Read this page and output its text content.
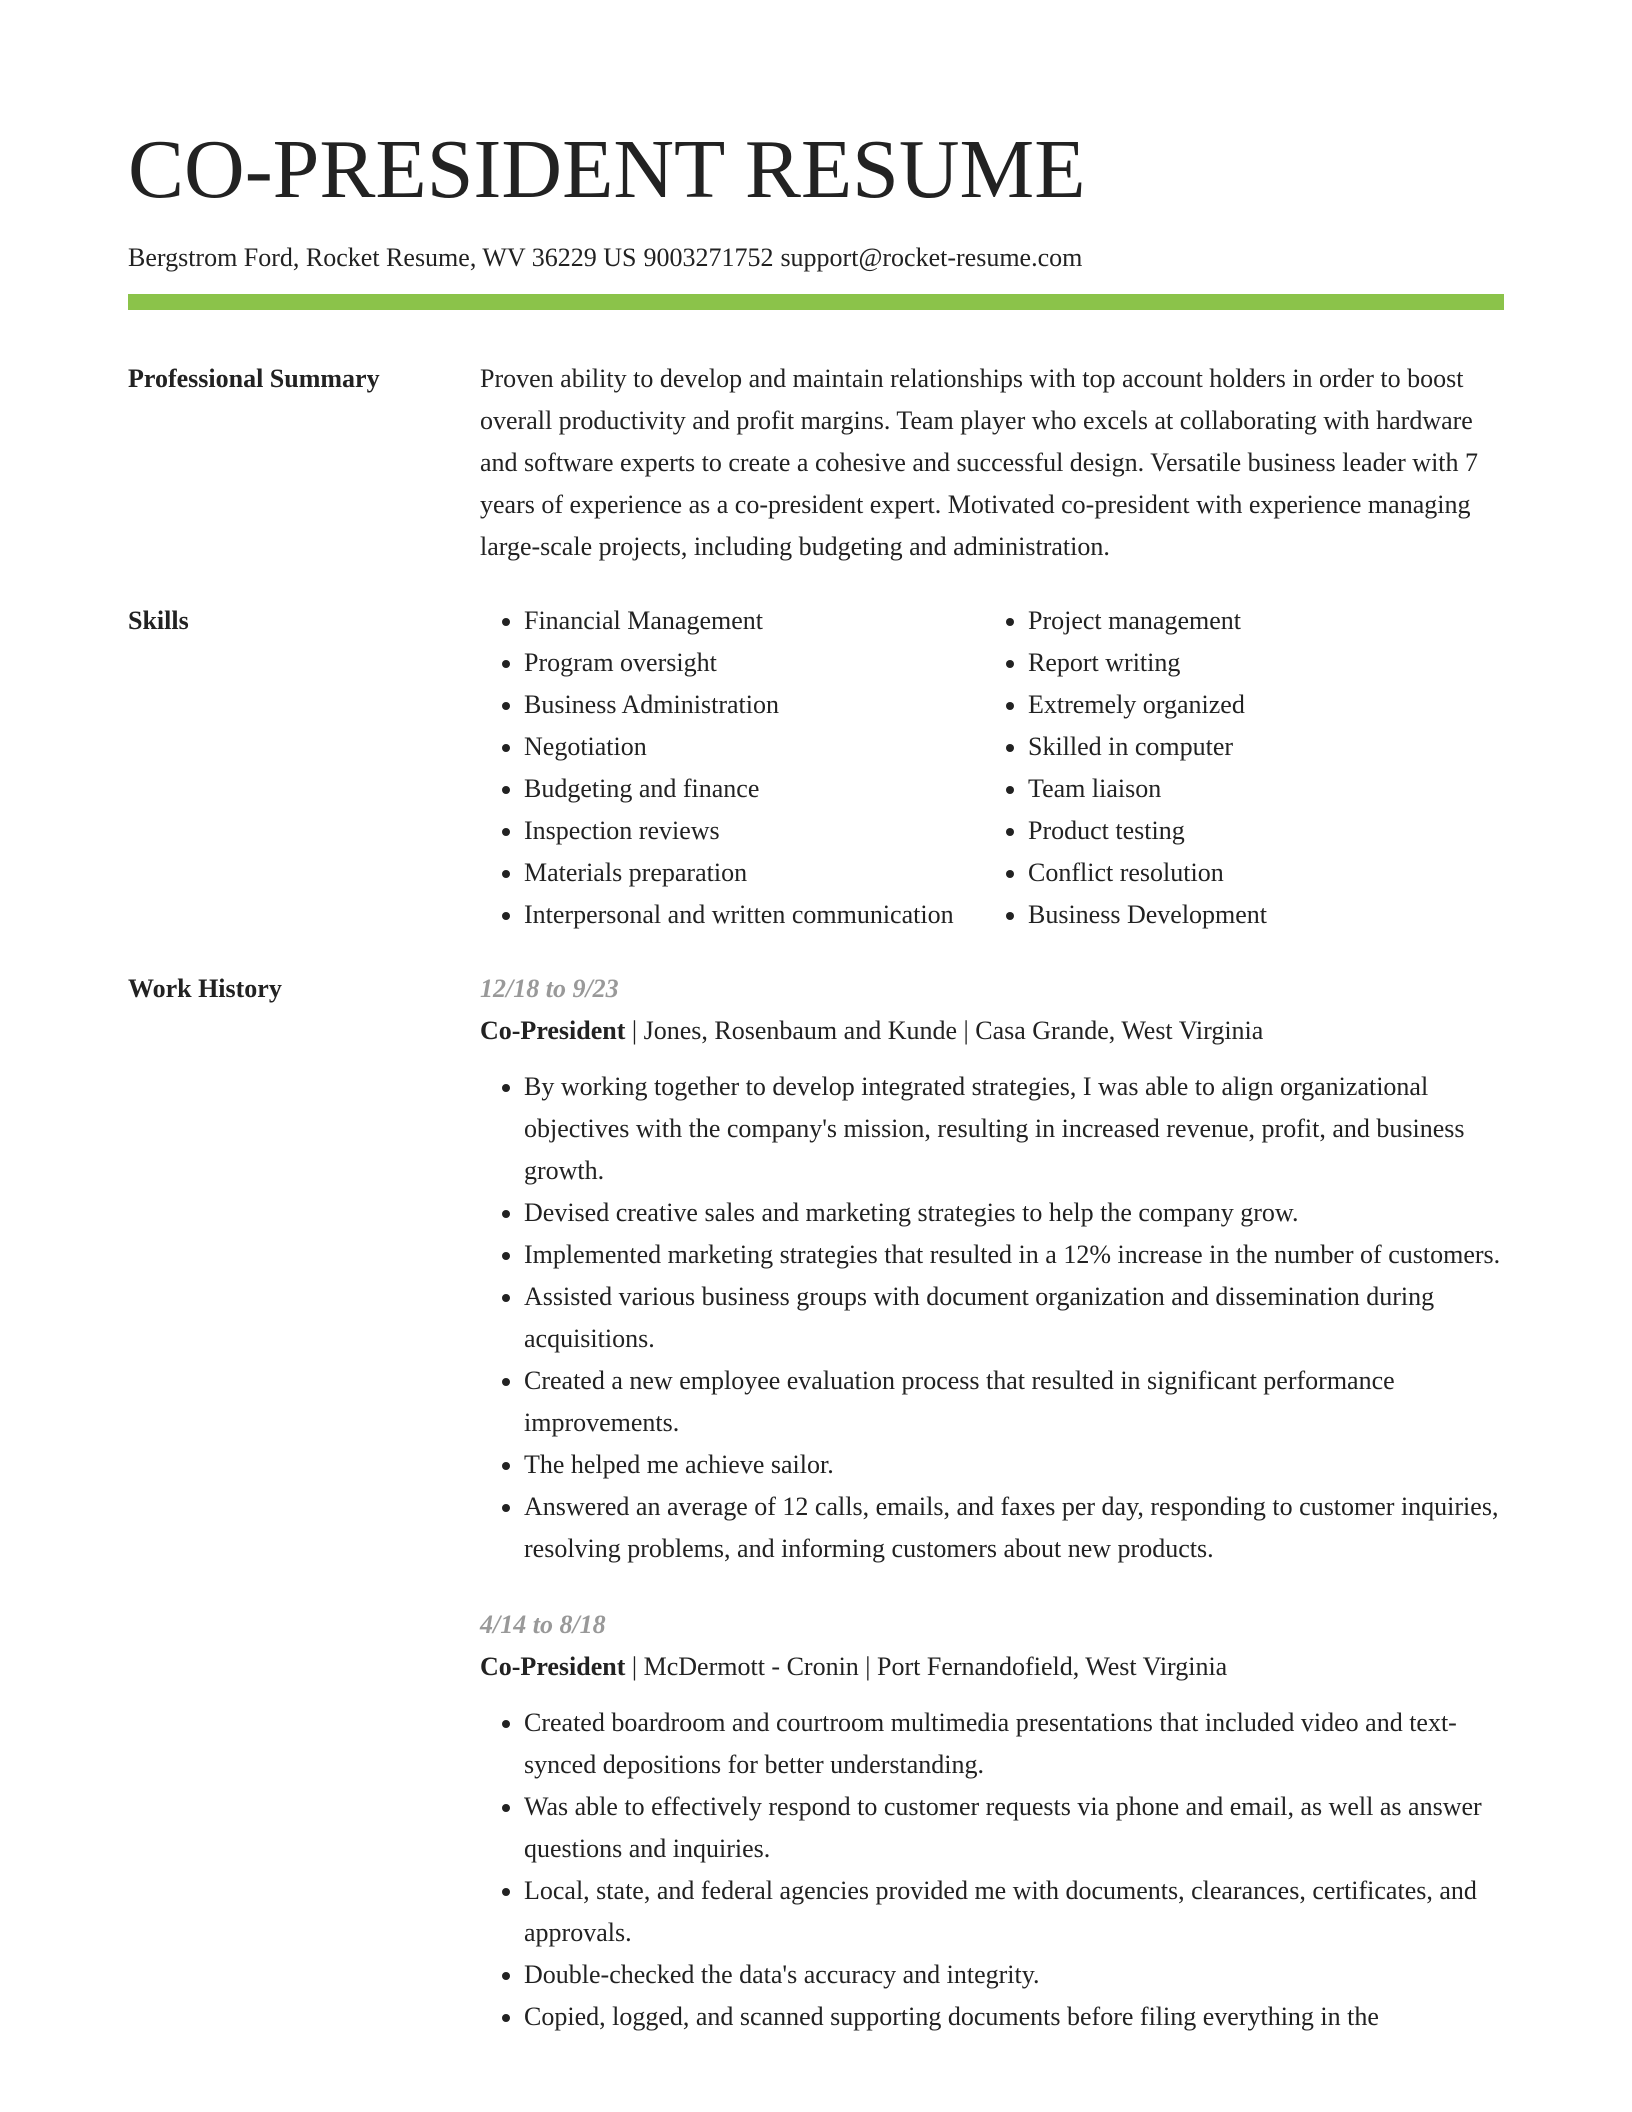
CO-PRESIDENT RESUME
Bergstrom Ford, Rocket Resume, WV 36229 US 9003271752 support@rocket-resume.com
Professional Summary	Proven ability to develop and maintain relationships with top account holders in order to boost overall productivity and profit margins. Team player who excels at collaborating with hardware and software experts to create a cohesive and successful design. Versatile business leader with 7 years of experience as a co-president expert. Motivated co-president with experience managing large-scale projects, including budgeting and administration.
Skills
•	Financial Management
• Program oversight
• Business Administration
• Negotiation
• Budgeting and finance
• Inspection reviews
• Materials preparation
• Interpersonal and written communication
• Project management
• Report writing
• Extremely organized
• Skilled in computer
• Team liaison
• Product testing
• Conflict resolution
• Business Development
Work History	12/18 to 9/23
Co-President | Jones, Rosenbaum and Kunde | Casa Grande, West Virginia
• By working together to develop integrated strategies, I was able to align organizational objectives with the company's mission, resulting in increased revenue, profit, and business growth.
• Devised creative sales and marketing strategies to help the company grow.
• Implemented marketing strategies that resulted in a 12% increase in the number of customers.
• Assisted various business groups with document organization and dissemination during acquisitions.
• Created a new employee evaluation process that resulted in significant performance improvements.
• The helped me achieve sailor.
• Answered an average of 12 calls, emails, and faxes per day, responding to customer inquiries, resolving problems, and informing customers about new products.
4/14 to 8/18
Co-President | McDermott - Cronin | Port Fernandofield, West Virginia
• Created boardroom and courtroom multimedia presentations that included video and text-synced depositions for better understanding.
• Was able to effectively respond to customer requests via phone and email, as well as answer questions and inquiries.
• Local, state, and federal agencies provided me with documents, clearances, certificates, and approvals.
• Double-checked the data's accuracy and integrity.
• Copied, logged, and scanned supporting documents before filing everything in the
